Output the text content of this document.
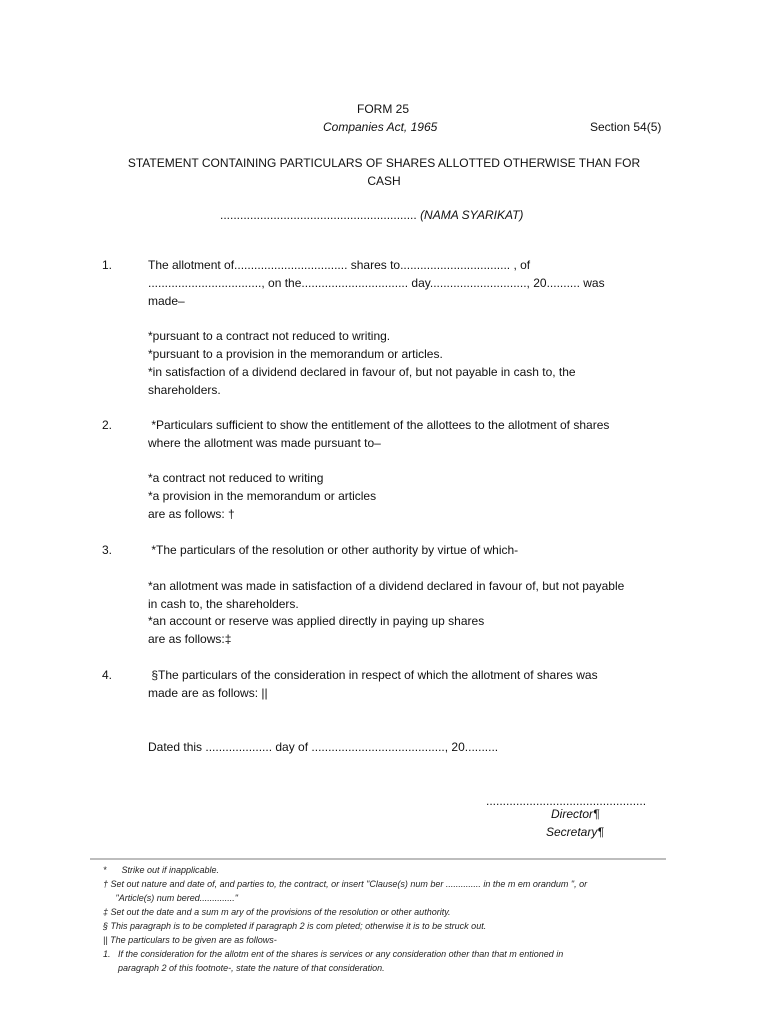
FORM 25
Companies Act, 1965	Section 54(5)
STATEMENT CONTAINING PARTICULARS OF SHARES ALLOTTED OTHERWISE THAN FOR
CASH
........................................................... (NAMA SYARIKAT)
1.	The allotment of.................................. shares to................................. , of
.................................., on the................................ day............................., 20.......... was
made–
*pursuant to a contract not reduced to writing.
*pursuant to a provision in the memorandum or articles.
*in satisfaction of a dividend declared in favour of, but not payable in cash to, the
shareholders.
2.	*Particulars sufficient to show the entitlement of the allottees to the allotment of shares
where the allotment was made pursuant to–
*a contract not reduced to writing
*a provision in the memorandum or articles
are as follows: †
3.	*The particulars of the resolution or other authority by virtue of which-
*an allotment was made in satisfaction of a dividend declared in favour of, but not payable
in cash to, the shareholders.
*an account or reserve was applied directly in paying up shares
are as follows:‡
4.	§The particulars of the consideration in respect of which the allotment of shares was
made are as follows: ||
Dated this .................... day of ........................................, 20..........
................................................
Director¶
Secretary¶
*      Strike out if inapplicable.
† Set out nature and date of, and parties to, the contract, or insert "Clause(s) num ber .............. in the m em orandum ", or
"Article(s) num bered.............."
‡ Set out the date and a sum m ary of the provisions of the resolution or other authority.
§ This paragraph is to be completed if paragraph 2 is com pleted; otherwise it is to be struck out.
|| The particulars to be given are as follows-
1.   If the consideration for the allotm ent of the shares is services or any consideration other than that m entioned in
paragraph 2 of this footnote-, state the nature of that consideration.
